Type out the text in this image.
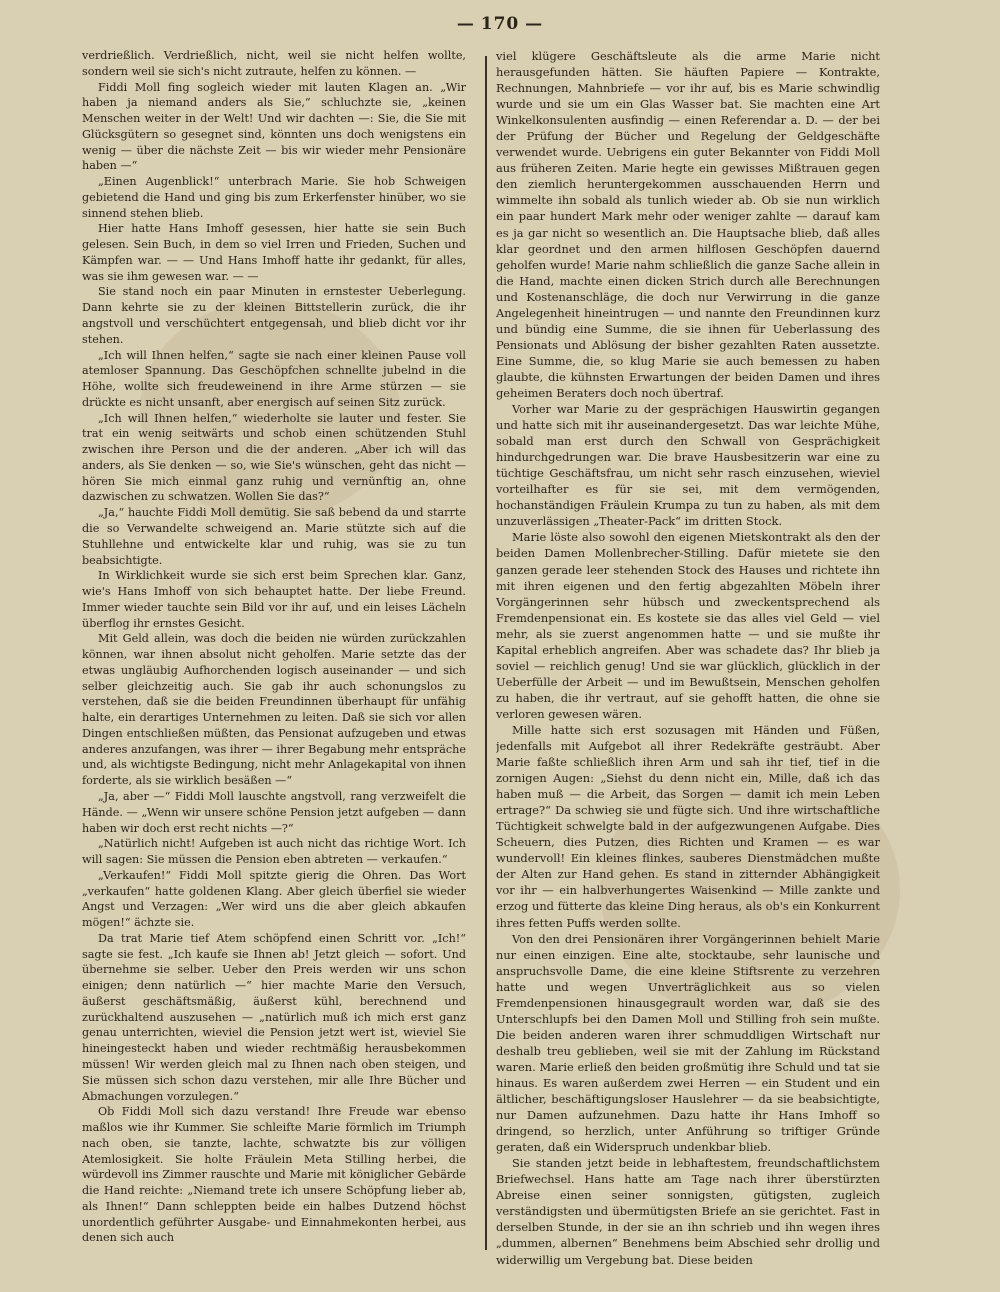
— 170 —

verdrießlich. Verdrießlich, nicht, weil sie nicht helfen wollte, sondern weil sie sich's nicht zutraute, helfen zu können. —

Fiddi Moll fing sogleich wieder mit lauten Klagen an. „Wir haben ja niemand anders als Sie,“ schluchzte sie, „keinen Menschen weiter in der Welt! Und wir dachten —: Sie, die Sie mit Glücksgütern so gesegnet sind, könnten uns doch wenigstens ein wenig — über die nächste Zeit — bis wir wieder mehr Pensionäre haben —“

„Einen Augenblick!“ unterbrach Marie. Sie hob Schweigen gebietend die Hand und ging bis zum Erkerfenster hinüber, wo sie sinnend stehen blieb.

Hier hatte Hans Imhoff gesessen, hier hatte sie sein Buch gelesen. Sein Buch, in dem so viel Irren und Frieden, Suchen und Kämpfen war. — — Und Hans Imhoff hatte ihr gedankt, für alles, was sie ihm gewesen war. — —

Sie stand noch ein paar Minuten in ernstester Ueberlegung. Dann kehrte sie zu der kleinen Bittstellerin zurück, die ihr angstvoll und verschüchtert entgegensah, und blieb dicht vor ihr stehen.

„Ich will Ihnen helfen,“ sagte sie nach einer kleinen Pause voll atemloser Spannung. Das Geschöpfchen schnellte jubelnd in die Höhe, wollte sich freudeweinend in ihre Arme stürzen — sie drückte es nicht unsanft, aber energisch auf seinen Sitz zurück.

„Ich will Ihnen helfen,“ wiederholte sie lauter und fester. Sie trat ein wenig seitwärts und schob einen schützenden Stuhl zwischen ihre Person und die der anderen. „Aber ich will das anders, als Sie denken — so, wie Sie's wünschen, geht das nicht — hören Sie mich einmal ganz ruhig und vernünftig an, ohne dazwischen zu schwatzen. Wollen Sie das?“

„Ja,“ hauchte Fiddi Moll demütig. Sie saß bebend da und starrte die so Verwandelte schweigend an. Marie stützte sich auf die Stuhllehne und entwickelte klar und ruhig, was sie zu tun beabsichtigte.

In Wirklichkeit wurde sie sich erst beim Sprechen klar. Ganz, wie's Hans Imhoff von sich behauptet hatte. Der liebe Freund. Immer wieder tauchte sein Bild vor ihr auf, und ein leises Lächeln überflog ihr ernstes Gesicht.

Mit Geld allein, was doch die beiden nie würden zurückzahlen können, war ihnen absolut nicht geholfen. Marie setzte das der etwas ungläubig Aufhorchenden logisch auseinander — und sich selber gleichzeitig auch. Sie gab ihr auch schonungslos zu verstehen, daß sie die beiden Freundinnen überhaupt für unfähig halte, ein derartiges Unternehmen zu leiten. Daß sie sich vor allen Dingen entschließen müßten, das Pensionat aufzugeben und etwas anderes anzufangen, was ihrer — ihrer Begabung mehr entspräche und, als wichtigste Bedingung, nicht mehr Anlagekapital von ihnen forderte, als sie wirklich besäßen —“

„Ja, aber —“ Fiddi Moll lauschte angstvoll, rang verzweifelt die Hände. — „Wenn wir unsere schöne Pension jetzt aufgeben — dann haben wir doch erst recht nichts —?“

„Natürlich nicht! Aufgeben ist auch nicht das richtige Wort. Ich will sagen: Sie müssen die Pension eben abtreten — verkaufen.“

„Verkaufen!“ Fiddi Moll spitzte gierig die Ohren. Das Wort „verkaufen“ hatte goldenen Klang. Aber gleich überfiel sie wieder Angst und Verzagen: „Wer wird uns die aber gleich abkaufen mögen!“ ächzte sie.

Da trat Marie tief Atem schöpfend einen Schritt vor. „Ich!“ sagte sie fest. „Ich kaufe sie Ihnen ab! Jetzt gleich — sofort. Und übernehme sie selber. Ueber den Preis werden wir uns schon einigen; denn natürlich —“ hier machte Marie den Versuch, äußerst geschäftsmäßig, äußerst kühl, berechnend und zurückhaltend auszusehen — „natürlich muß ich mich erst ganz genau unterrichten, wieviel die Pension jetzt wert ist, wieviel Sie hineingesteckt haben und wieder rechtmäßig herausbekommen müssen! Wir werden gleich mal zu Ihnen nach oben steigen, und Sie müssen sich schon dazu verstehen, mir alle Ihre Bücher und Abmachungen vorzulegen.“

Ob Fiddi Moll sich dazu verstand! Ihre Freude war ebenso maßlos wie ihr Kummer. Sie schleifte Marie förmlich im Triumph nach oben, sie tanzte, lachte, schwatzte bis zur völligen Atemlosigkeit. Sie holte Fräulein Meta Stilling herbei, die würdevoll ins Zimmer rauschte und Marie mit königlicher Gebärde die Hand reichte: „Niemand trete ich unsere Schöpfung lieber ab, als Ihnen!“ Dann schleppten beide ein halbes Dutzend höchst unordentlich geführter Ausgabe- und Einnahmekonten herbei, aus denen sich auch

viel klügere Geschäftsleute als die arme Marie nicht herausgefunden hätten. Sie häuften Papiere — Kontrakte, Rechnungen, Mahnbriefe — vor ihr auf, bis es Marie schwindlig wurde und sie um ein Glas Wasser bat. Sie machten eine Art Winkelkonsulenten ausfindig — einen Referendar a. D. — der bei der Prüfung der Bücher und Regelung der Geldgeschäfte verwendet wurde. Uebrigens ein guter Bekannter von Fiddi Moll aus früheren Zeiten. Marie hegte ein gewisses Mißtrauen gegen den ziemlich heruntergekommen ausschauenden Herrn und wimmelte ihn sobald als tunlich wieder ab. Ob sie nun wirklich ein paar hundert Mark mehr oder weniger zahlte — darauf kam es ja gar nicht so wesentlich an. Die Hauptsache blieb, daß alles klar geordnet und den armen hilflosen Geschöpfen dauernd geholfen wurde! Marie nahm schließlich die ganze Sache allein in die Hand, machte einen dicken Strich durch alle Berechnungen und Kostenanschläge, die doch nur Verwirrung in die ganze Angelegenheit hineintrugen — und nannte den Freundinnen kurz und bündig eine Summe, die sie ihnen für Ueberlassung des Pensionats und Ablösung der bisher gezahlten Raten aussetzte. Eine Summe, die, so klug Marie sie auch bemessen zu haben glaubte, die kühnsten Erwartungen der beiden Damen und ihres geheimen Beraters doch noch übertraf.

Vorher war Marie zu der gesprächigen Hauswirtin gegangen und hatte sich mit ihr auseinandergesetzt. Das war leichte Mühe, sobald man erst durch den Schwall von Gesprächigkeit hindurchgedrungen war. Die brave Hausbesitzerin war eine zu tüchtige Geschäftsfrau, um nicht sehr rasch einzusehen, wieviel vorteilhafter es für sie sei, mit dem vermögenden, hochanständigen Fräulein Krumpa zu tun zu haben, als mit dem unzuverlässigen „Theater-Pack“ im dritten Stock.

Marie löste also sowohl den eigenen Mietskontrakt als den der beiden Damen Mollenbrecher-Stilling. Dafür mietete sie den ganzen gerade leer stehenden Stock des Hauses und richtete ihn mit ihren eigenen und den fertig abgezahlten Möbeln ihrer Vorgängerinnen sehr hübsch und zweckentsprechend als Fremdenpensionat ein. Es kostete sie das alles viel Geld — viel mehr, als sie zuerst angenommen hatte — und sie mußte ihr Kapital erheblich angreifen. Aber was schadete das? Ihr blieb ja soviel — reichlich genug! Und sie war glücklich, glücklich in der Ueberfülle der Arbeit — und im Bewußtsein, Menschen geholfen zu haben, die ihr vertraut, auf sie gehofft hatten, die ohne sie verloren gewesen wären.

Mille hatte sich erst sozusagen mit Händen und Füßen, jedenfalls mit Aufgebot all ihrer Redekräfte gesträubt. Aber Marie faßte schließlich ihren Arm und sah ihr tief, tief in die zornigen Augen: „Siehst du denn nicht ein, Mille, daß ich das haben muß — die Arbeit, das Sorgen — damit ich mein Leben ertrage?“ Da schwieg sie und fügte sich. Und ihre wirtschaftliche Tüchtigkeit schwelgte bald in der aufgezwungenen Aufgabe. Dies Scheuern, dies Putzen, dies Richten und Kramen — es war wundervoll! Ein kleines flinkes, sauberes Dienstmädchen mußte der Alten zur Hand gehen. Es stand in zitternder Abhängigkeit vor ihr — ein halbverhungertes Waisenkind — Mille zankte und erzog und fütterte das kleine Ding heraus, als ob's ein Konkurrent ihres fetten Puffs werden sollte.

Von den drei Pensionären ihrer Vorgängerinnen behielt Marie nur einen einzigen. Eine alte, stocktaube, sehr launische und anspruchsvolle Dame, die eine kleine Stiftsrente zu verzehren hatte und wegen Unverträglichkeit aus so vielen Fremdenpensionen hinausgegrault worden war, daß sie des Unterschlupfs bei den Damen Moll und Stilling froh sein mußte. Die beiden anderen waren ihrer schmuddligen Wirtschaft nur deshalb treu geblieben, weil sie mit der Zahlung im Rückstand waren. Marie erließ den beiden großmütig ihre Schuld und tat sie hinaus. Es waren außerdem zwei Herren — ein Student und ein ältlicher, beschäftigungsloser Hauslehrer — da sie beabsichtigte, nur Damen aufzunehmen. Dazu hatte ihr Hans Imhoff so dringend, so herzlich, unter Anführung so triftiger Gründe geraten, daß ein Widerspruch undenkbar blieb.

Sie standen jetzt beide in lebhaftestem, freundschaftlichstem Briefwechsel. Hans hatte am Tage nach ihrer überstürzten Abreise einen seiner sonnigsten, gütigsten, zugleich verständigsten und übermütigsten Briefe an sie gerichtet. Fast in derselben Stunde, in der sie an ihn schrieb und ihn wegen ihres „dummen, albernen“ Benehmens beim Abschied sehr drollig und widerwillig um Vergebung bat. Diese beiden
